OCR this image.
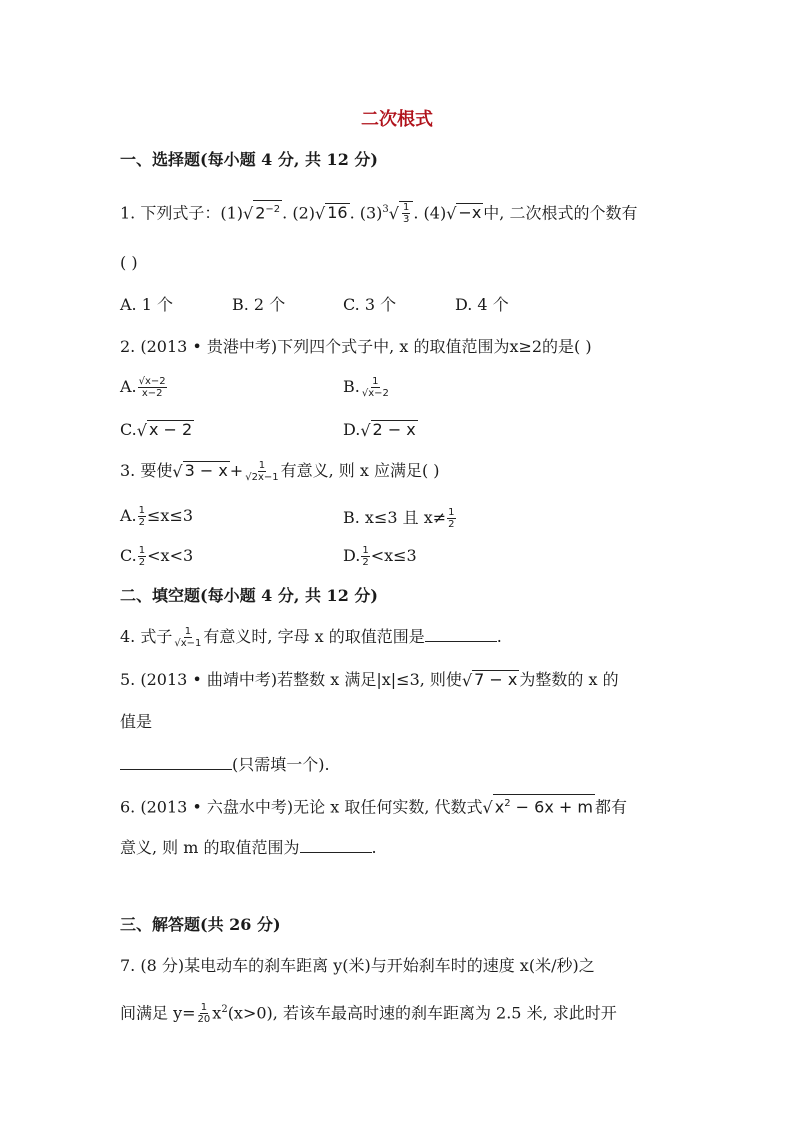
二次根式
一、选择题(每小题 4 分, 共 12 分)
1. 下列式子：(1)√ $2^{-2}$ . (2)√ 16 . $(3)^3√ \frac{1}{3}$ . (4)√ −x 中, 二次根式的个数有
( )
A. 1 个	B. 2 个	C. 3 个	D. 4 个
2. (2013 • 贵港中考)下列四个式子中, x 的取值范围为x≥2的是( )
A. $\frac{√x-2}{x-2}$	B. $\frac{1}{√x-2}$
C.√ x − 2	D.√ 2 − x
3. 要使√ $3 - x + \frac{1}{√2x-1}$ 有意义, 则 x 应满足( )
A. $\frac{1}{2} \le x\le 3$	B. x≤3 且 $x\ne \frac{1}{2}$
C. $\frac{1}{2} <x<3$	D. $\frac{1}{2} <x\le 3$
二、填空题(每小题 4 分, 共 12 分)
4. 式子 $\frac{1}{√x-1}$ 有意义时, 字母 x 的取值范围是	.
5. (2013 • 曲靖中考)若整数 x 满足|x|≤3, 则使√ 7 − x 为整数的 x 的
值是
(只需填一个).
6. (2013 • 六盘水中考)无论 x 取任何实数, 代数式√ $x^2 - 6x + m$ 都有
意义, 则 m 的取值范围为	.
三、解答题(共 26 分)
7. (8 分)某电动车的刹车距离 y(米)与开始刹车时的速度 x(米/秒)之
间满足 $y= \frac{1}{20} x^2(x>0)$, 若该车最高时速的刹车距离为 2.5 米, 求此时开
